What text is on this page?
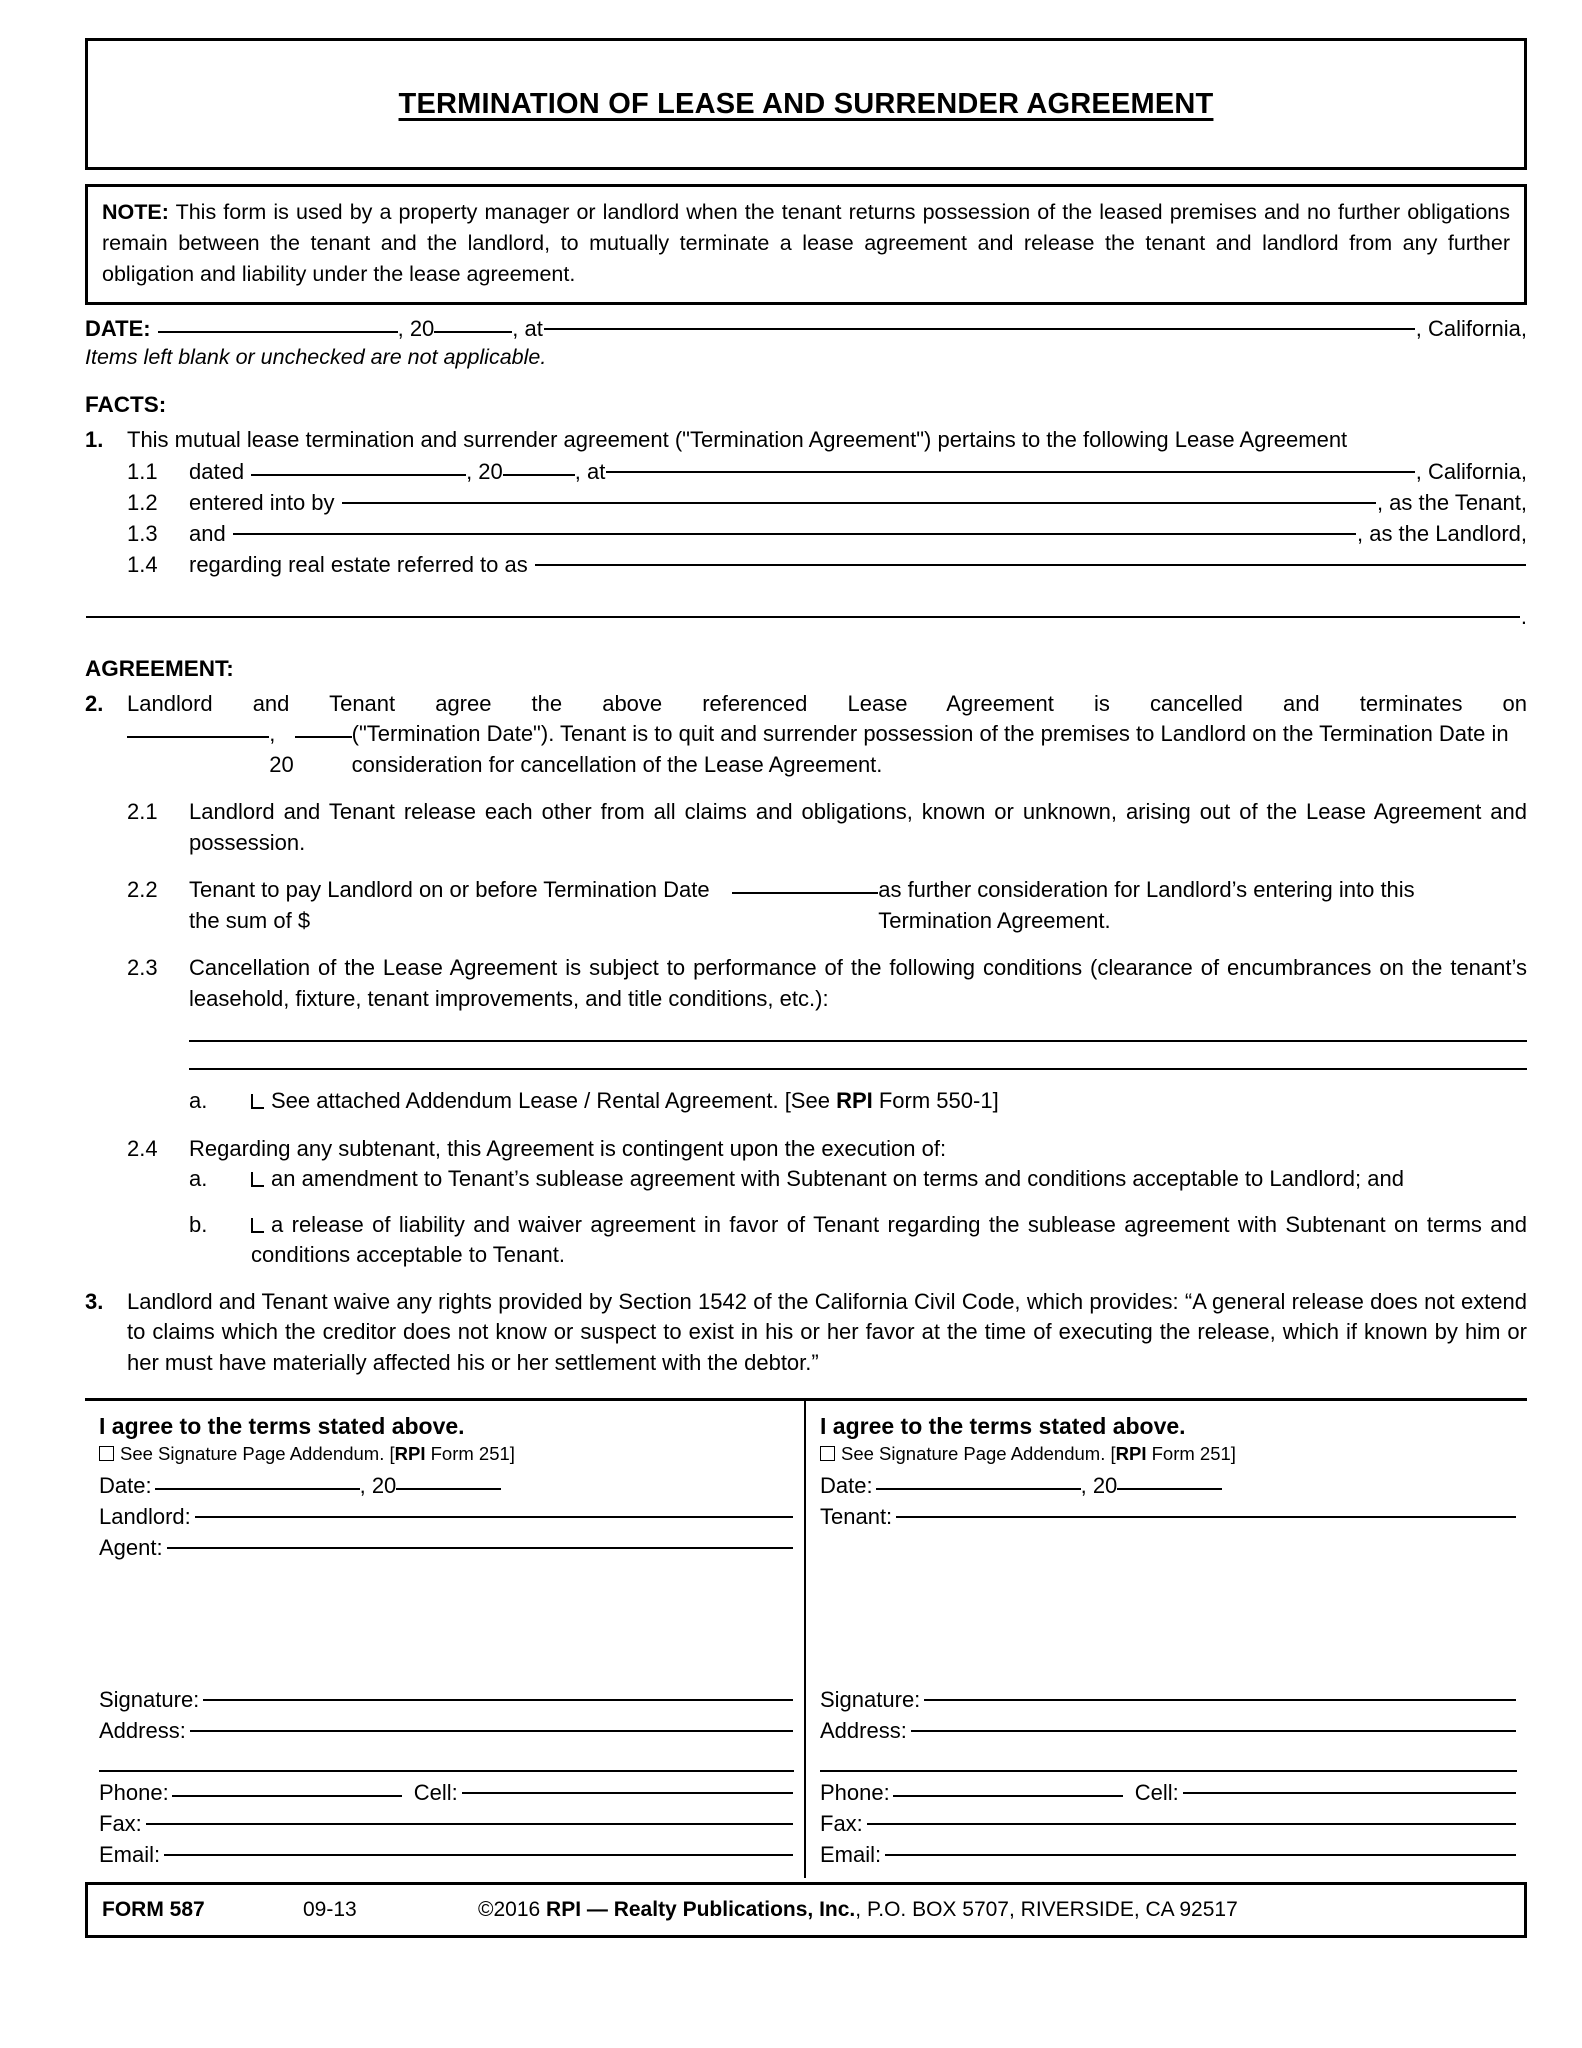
TERMINATION OF LEASE AND SURRENDER AGREEMENT

NOTE: This form is used by a property manager or landlord when the tenant returns possession of the leased premises and no further obligations remain between the tenant and the landlord, to mutually terminate a lease agreement and release the tenant and landlord from any further obligation and liability under the lease agreement.

DATE:	, 20	, at	, California,
Items left blank or unchecked are not applicable.
FACTS:
1.	This mutual lease termination and surrender agreement ("Termination Agreement") pertains to the following Lease Agreement
1.1	dated	, 20	, at	, California,
1.2	entered into by	, as the Tenant,
1.3	and	, as the Landlord,
1.4	regarding real estate referred to as
.
AGREEMENT:
2.	Landlord and Tenant agree the above referenced Lease Agreement is cancelled and terminates on
, 20
("Termination Date"). Tenant is to quit and surrender possession of the premises to Landlord on the Termination Date in consideration for cancellation of the Lease Agreement.
2.1	Landlord and Tenant release each other from all claims and obligations, known or unknown, arising out of the Lease Agreement and possession.
2.2	Tenant to pay Landlord on or before Termination Date the sum of $
as further consideration for Landlord’s entering into this Termination Agreement.
2.3	Cancellation of the Lease Agreement is subject to performance of the following conditions (clearance of encumbrances on the tenant’s leasehold, fixture, tenant improvements, and title conditions, etc.):
a.	See attached Addendum Lease / Rental Agreement. [See RPI Form 550-1]
2.4	Regarding any subtenant, this Agreement is contingent upon the execution of:
a.	an amendment to Tenant’s sublease agreement with Subtenant on terms and conditions acceptable to Landlord; and
b.	a release of liability and waiver agreement in favor of Tenant regarding the sublease agreement with Subtenant on terms and conditions acceptable to Tenant.
3.	Landlord and Tenant waive any rights provided by Section 1542 of the California Civil Code, which provides: “A general release does not extend to claims which the creditor does not know or suspect to exist in his or her favor at the time of executing the release, which if known by him or her must have materially affected his or her settlement with the debtor.”
I agree to the terms stated above.
See Signature Page Addendum. [RPI Form 251]
Date:	, 20
Landlord:
Agent:
Signature:
Address:
Phone:	Cell:
Fax:
Email:
I agree to the terms stated above.
See Signature Page Addendum. [RPI Form 251]
Date:	, 20
Tenant:
Signature:
Address:
Phone:	Cell:
Fax:
Email:
FORM 587	09-13	©2016 RPI — Realty Publications, Inc., P.O. BOX 5707, RIVERSIDE, CA 92517
